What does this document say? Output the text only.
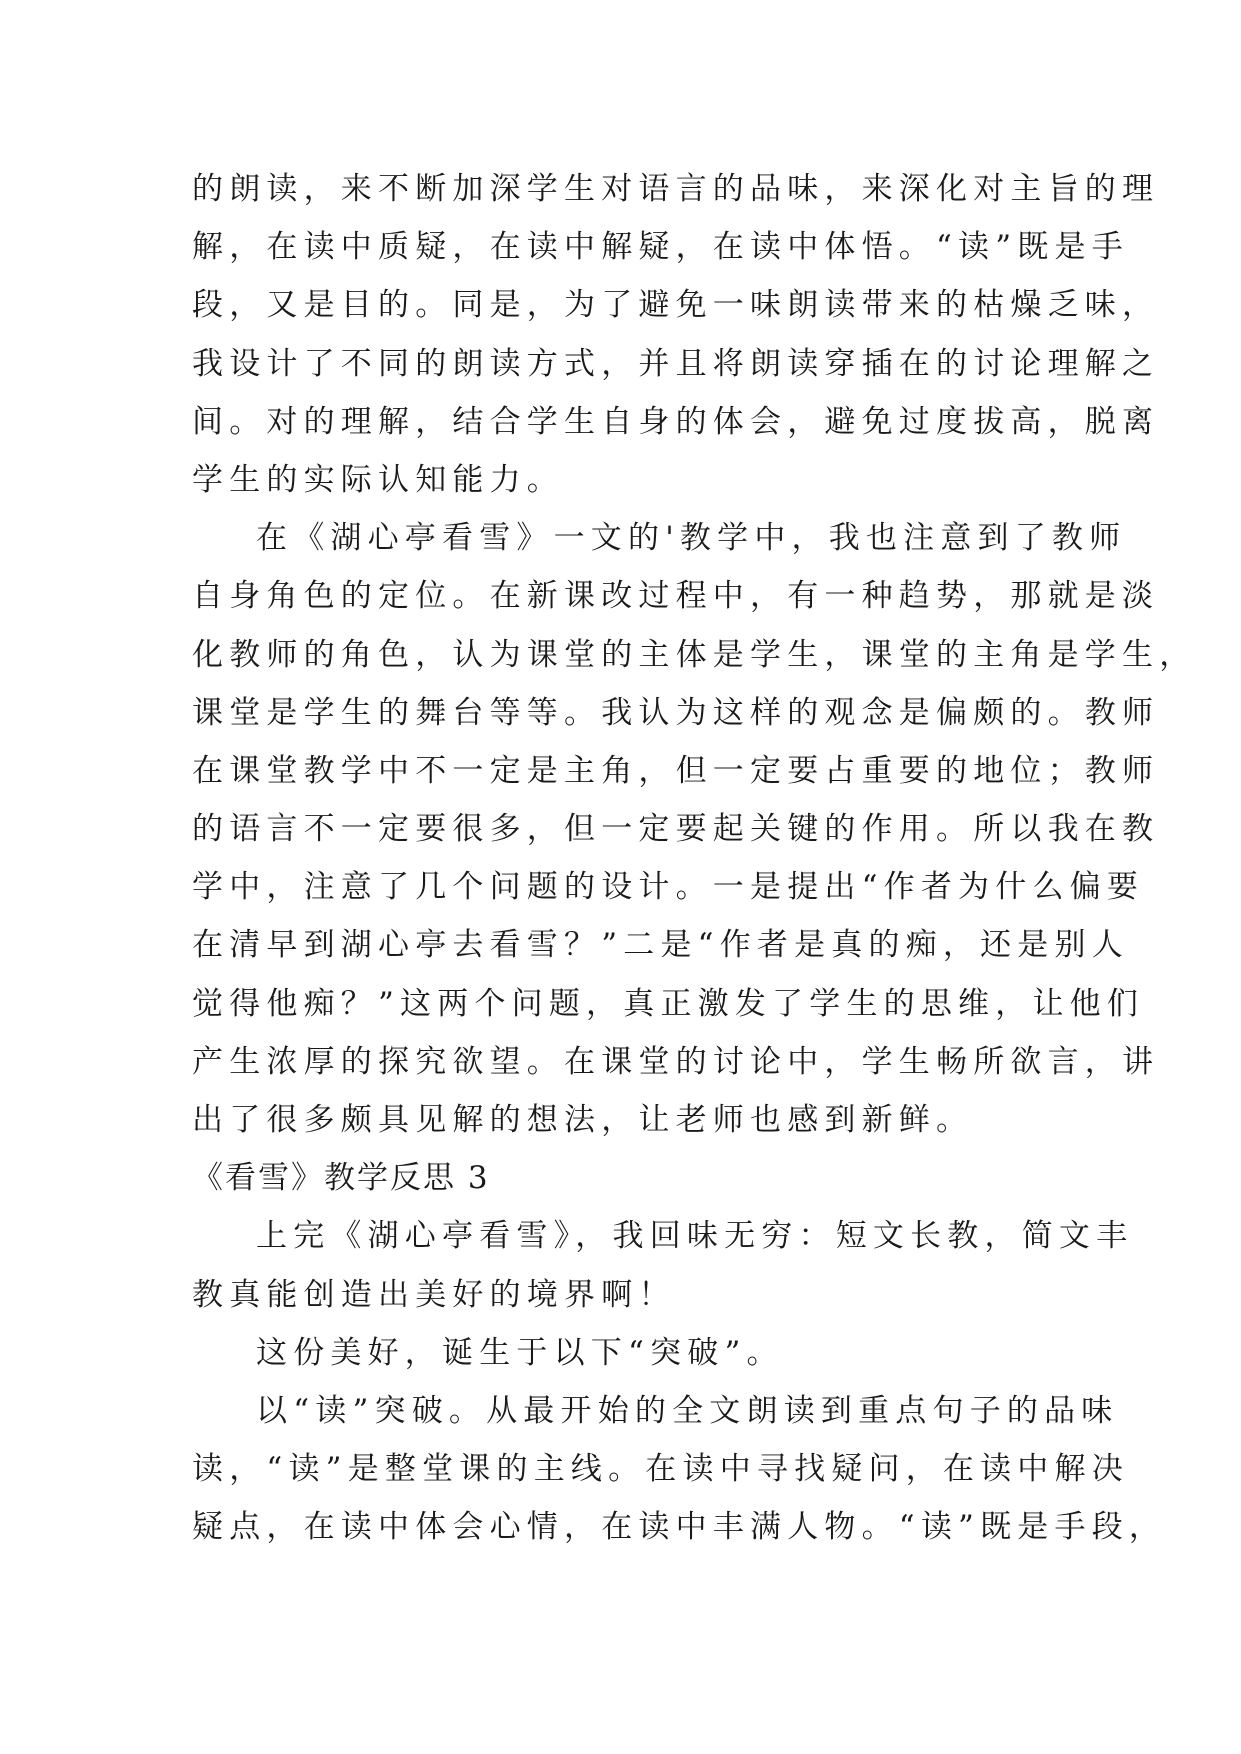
的朗读，来不断加深学生对语言的品味，来深化对主旨的理
解，在读中质疑，在读中解疑，在读中体悟。“读”既是手
段，又是目的。同是，为了避免一味朗读带来的枯燥乏味，
我设计了不同的朗读方式，并且将朗读穿插在的讨论理解之
间。对的理解，结合学生自身的体会，避免过度拔高，脱离
学生的实际认知能力。
在《湖心亭看雪》一文的'教学中，我也注意到了教师
自身角色的定位。在新课改过程中，有一种趋势，那就是淡
化教师的角色，认为课堂的主体是学生，课堂的主角是学生，
课堂是学生的舞台等等。我认为这样的观念是偏颇的。教师
在课堂教学中不一定是主角，但一定要占重要的地位；教师
的语言不一定要很多，但一定要起关键的作用。所以我在教
学中，注意了几个问题的设计。一是提出“作者为什么偏要
在清早到湖心亭去看雪？”二是“作者是真的痴，还是别人
觉得他痴？”这两个问题，真正激发了学生的思维，让他们
产生浓厚的探究欲望。在课堂的讨论中，学生畅所欲言，讲
出了很多颇具见解的想法，让老师也感到新鲜。
《看雪》教学反思 3
上完《湖心亭看雪》，我回味无穷：短文长教，简文丰
教真能创造出美好的境界啊！
这份美好，诞生于以下“突破”。
以“读”突破。从最开始的全文朗读到重点句子的品味
读，“读”是整堂课的主线。在读中寻找疑问，在读中解决
疑点，在读中体会心情，在读中丰满人物。“读”既是手段，
